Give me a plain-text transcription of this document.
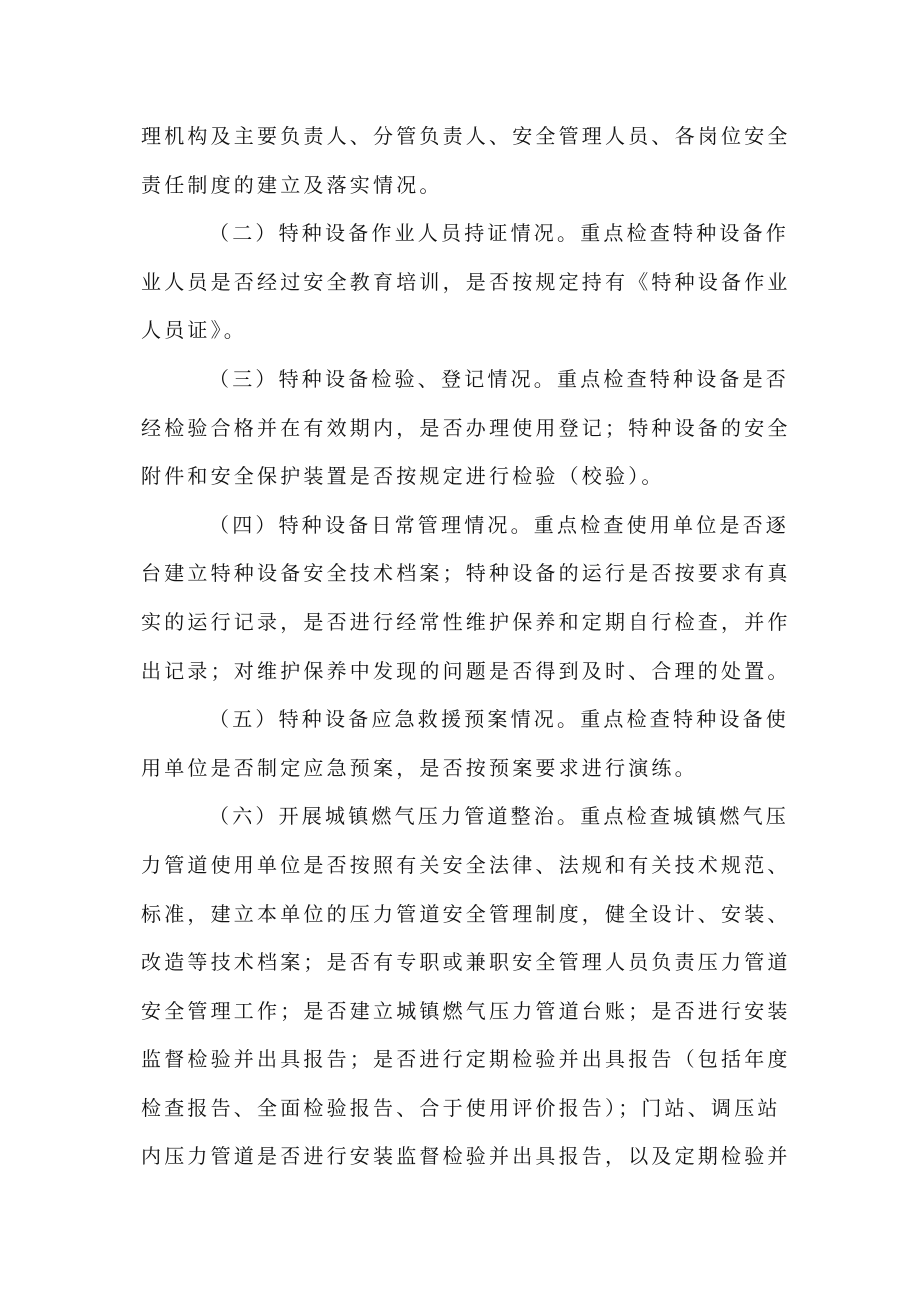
理机构及主要负责人、分管负责人、安全管理人员、各岗位安全
责任制度的建立及落实情况。
（二）特种设备作业人员持证情况。重点检查特种设备作
业人员是否经过安全教育培训，是否按规定持有《特种设备作业
人员证》。
（三）特种设备检验、登记情况。重点检查特种设备是否
经检验合格并在有效期内，是否办理使用登记；特种设备的安全
附件和安全保护装置是否按规定进行检验（校验）。
（四）特种设备日常管理情况。重点检查使用单位是否逐
台建立特种设备安全技术档案；特种设备的运行是否按要求有真
实的运行记录，是否进行经常性维护保养和定期自行检查，并作
出记录；对维护保养中发现的问题是否得到及时、合理的处置。
（五）特种设备应急救援预案情况。重点检查特种设备使
用单位是否制定应急预案，是否按预案要求进行演练。
（六）开展城镇燃气压力管道整治。重点检查城镇燃气压
力管道使用单位是否按照有关安全法律、法规和有关技术规范、
标准，建立本单位的压力管道安全管理制度，健全设计、安装、
改造等技术档案；是否有专职或兼职安全管理人员负责压力管道
安全管理工作；是否建立城镇燃气压力管道台账；是否进行安装
监督检验并出具报告；是否进行定期检验并出具报告（包括年度
检查报告、全面检验报告、合于使用评价报告）；门站、调压站
内压力管道是否进行安装监督检验并出具报告，以及定期检验并
